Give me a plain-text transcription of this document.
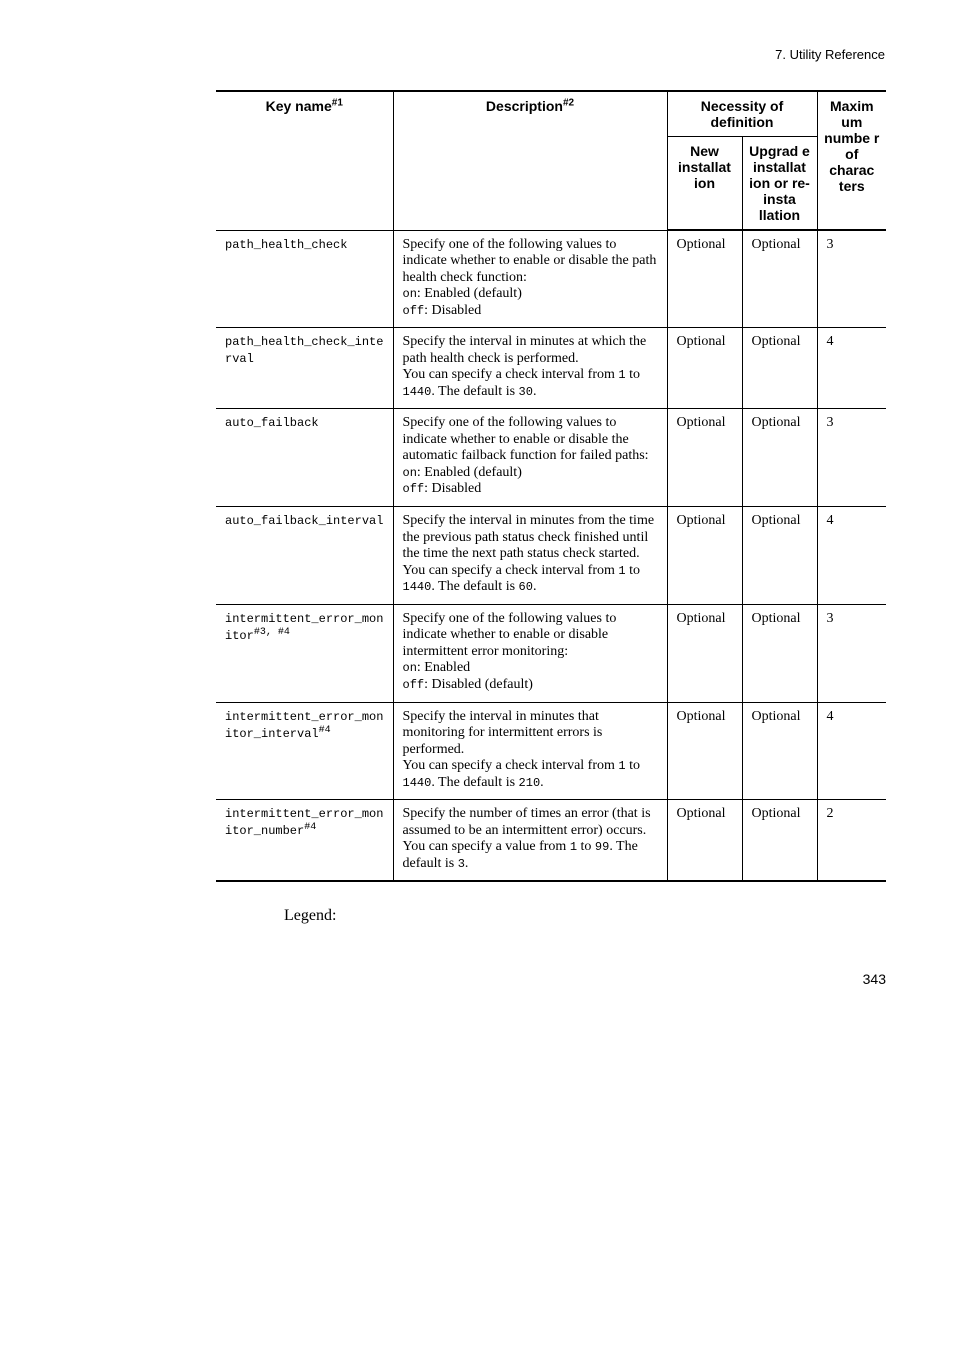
7. Utility Reference
Key name$^{\#1}$	Description$^{\#2}$	Necessity of definition		Maxim um numbe r of charac ters
		New installat ion	Upgrad e installat ion or re-insta llation	

path_health_check	Specify one of the following values to indicate whether to enable or disable the path health check function:
on: Enabled (default)
off: Disabled	Optional	Optional	3

path_health_check_interval	Specify the interval in minutes at which the path health check is performed.
You can specify a check interval from 1 to
1440. The default is 30.	Optional	Optional	4

auto_failback	Specify one of the following values to indicate whether to enable or disable the automatic failback function for failed paths:
on: Enabled (default)
off: Disabled	Optional	Optional	3

auto_failback_interval	Specify the interval in minutes from the time the previous path status check finished until the time the next path status check started.
You can specify a check interval from 1 to
1440. The default is 60.	Optional	Optional	4

intermittent_error_monitor$^{\#3, \#4}$	Specify one of the following values to indicate whether to enable or disable intermittent error monitoring:
on: Enabled
off: Disabled (default)	Optional	Optional	3

intermittent_error_monitor_interval$^{\#4}$	Specify the interval in minutes that monitoring for intermittent errors is performed.
You can specify a check interval from 1 to
1440. The default is 210.	Optional	Optional	4

intermittent_error_monitor_number$^{\#4}$	Specify the number of times an error (that is assumed to be an intermittent error) occurs.
You can specify a value from 1 to 99. The default is 3.	Optional	Optional	2
Legend:
343
